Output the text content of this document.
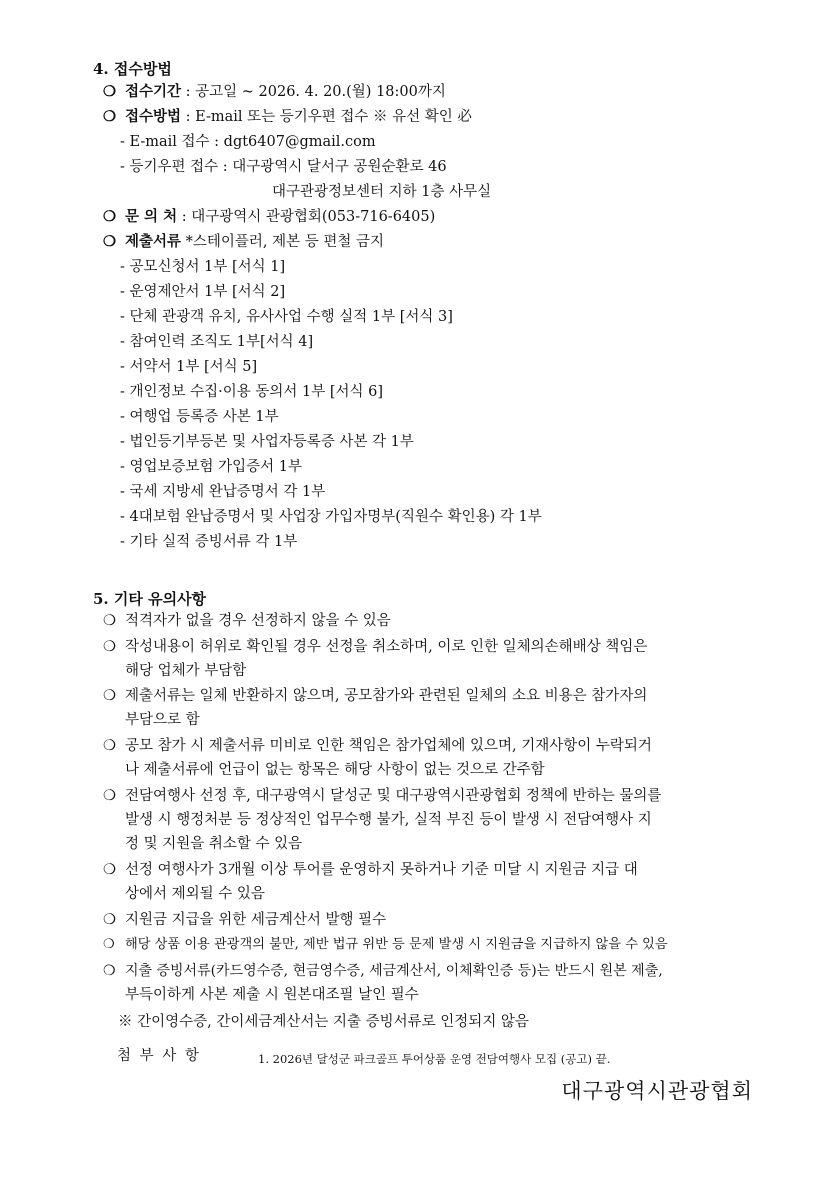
4. 접수방법
❍ 접수기간 : 공고일 ~ 2026. 4. 20.(월) 18:00까지
❍ 접수방법 : E-mail 또는 등기우편 접수 ※ 유선 확인 必
- E-mail 접수 : dgt6407@gmail.com
- 등기우편 접수 : 대구광역시 달서구 공원순환로 46
대구관광정보센터 지하 1층 사무실
❍ 문 의 처 : 대구광역시 관광협회(053-716-6405)
❍ 제출서류 *스테이플러, 제본 등 편철 금지
- 공모신청서 1부 [서식 1]
- 운영제안서 1부 [서식 2]
- 단체 관광객 유치, 유사사업 수행 실적 1부 [서식 3]
- 참여인력 조직도 1부[서식 4]
- 서약서 1부 [서식 5]
- 개인정보 수집·이용 동의서 1부 [서식 6]
- 여행업 등록증 사본 1부
- 법인등기부등본 및 사업자등록증 사본 각 1부
- 영업보증보험 가입증서 1부
- 국세 지방세 완납증명서 각 1부
- 4대보험 완납증명서 및 사업장 가입자명부(직원수 확인용) 각 1부
- 기타 실적 증빙서류 각 1부
5. 기타 유의사항
❍ 적격자가 없을 경우 선정하지 않을 수 있음
❍ 작성내용이 허위로 확인될 경우 선정을 취소하며, 이로 인한 일체의손해배상 책임은
해당 업체가 부담함
❍ 제출서류는 일체 반환하지 않으며, 공모참가와 관련된 일체의 소요 비용은 참가자의
부담으로 함
❍ 공모 참가 시 제출서류 미비로 인한 책임은 참가업체에 있으며, 기재사항이 누락되거
나 제출서류에 언급이 없는 항목은 해당 사항이 없는 것으로 간주함
❍ 전담여행사 선정 후, 대구광역시 달성군 및 대구광역시관광협회 정책에 반하는 물의를
발생 시 행정처분 등 정상적인 업무수행 불가, 실적 부진 등이 발생 시 전담여행사 지
정 및 지원을 취소할 수 있음
❍ 선정 여행사가 3개월 이상 투어를 운영하지 못하거나 기준 미달 시 지원금 지급 대
상에서 제외될 수 있음
❍ 지원금 지급을 위한 세금계산서 발행 필수
❍ 해당 상품 이용 관광객의 불만, 제반 법규 위반 등 문제 발생 시 지원금을 지급하지 않을 수 있음
❍ 지출 증빙서류(카드영수증, 현금영수증, 세금계산서, 이체확인증 등)는 반드시 원본 제출,
부득이하게 사본 제출 시 원본대조필 날인 필수
※ 간이영수증, 간이세금계산서는 지출 증빙서류로 인정되지 않음
첨 부 사 항	1. 2026년 달성군 파크골프 투어상품 운영 전담여행사 모집 (공고) 끝.
대구광역시관광협회
